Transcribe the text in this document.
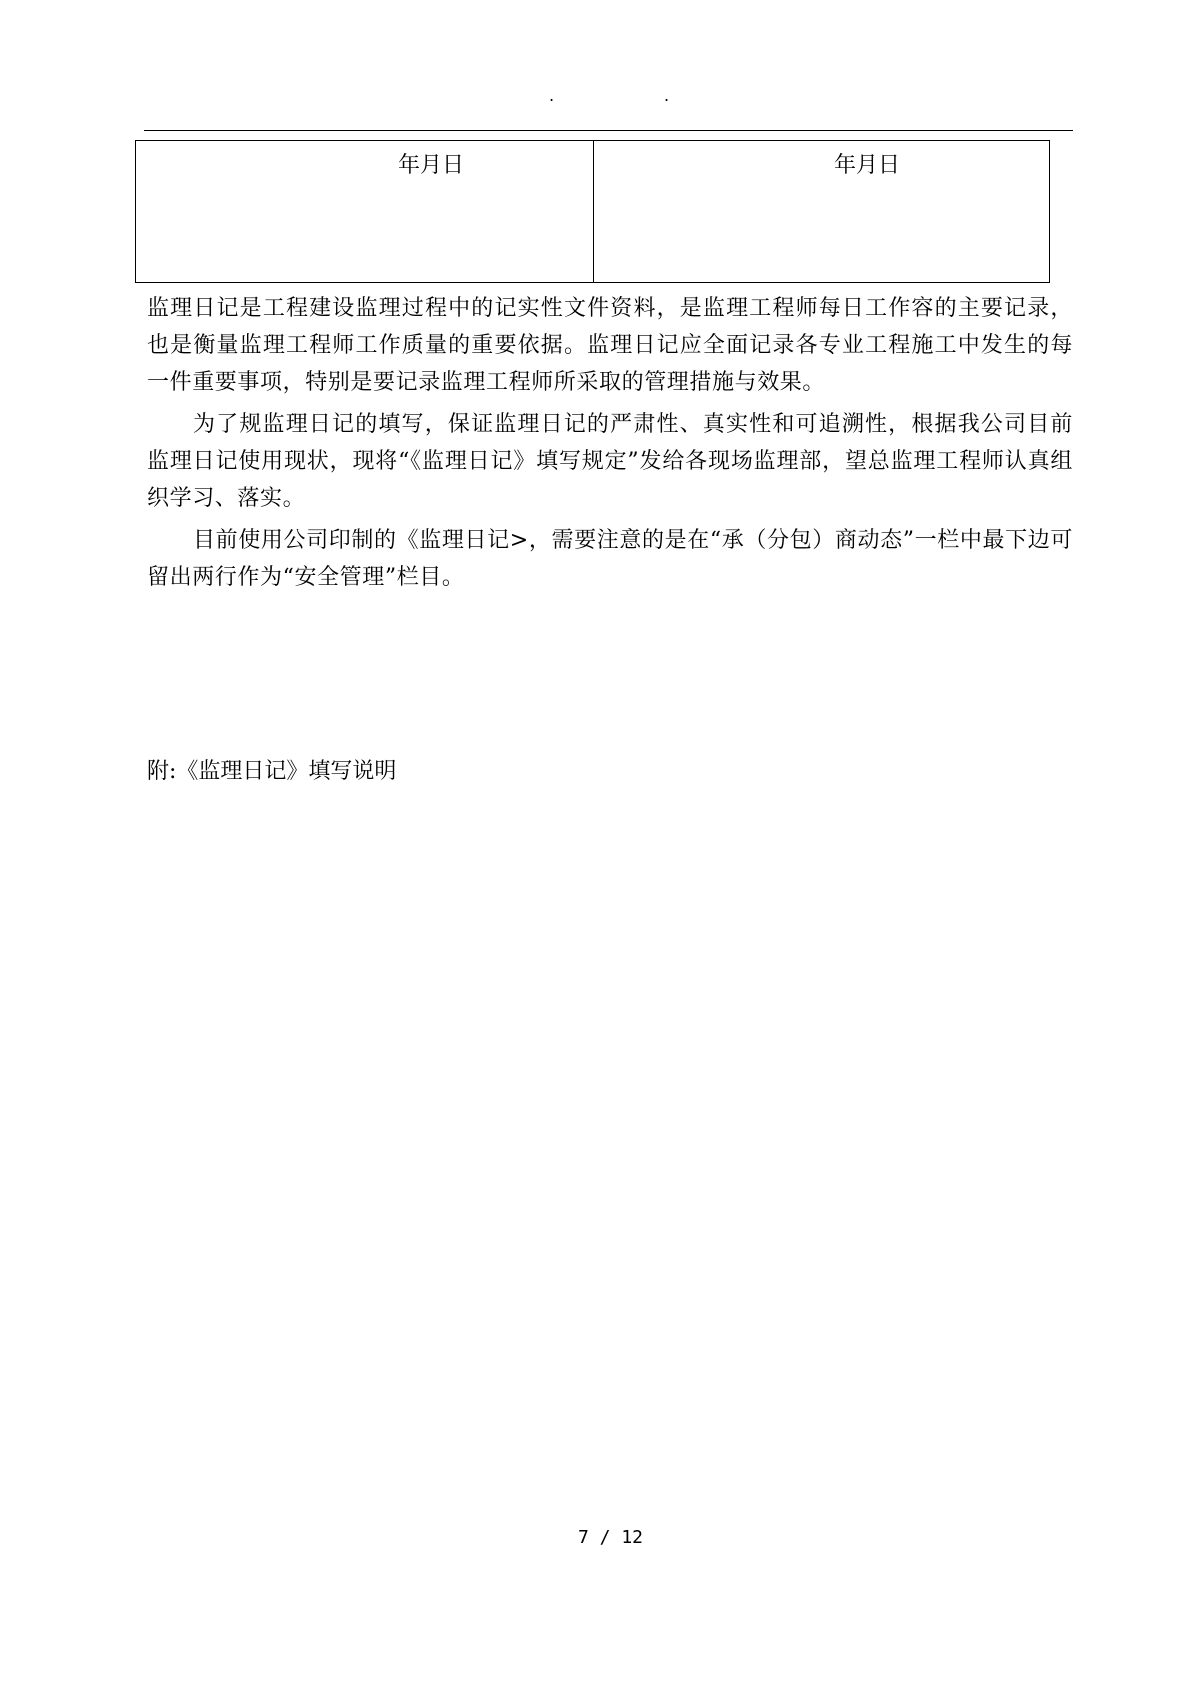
.	.
年月日	年月日

监理日记是工程建设监理过程中的记实性文件资料，是监理工程师每日工作容的主要记录，也是衡量监理工程师工作质量的重要依据。监理日记应全面记录各专业工程施工中发生的每一件重要事项，特别是要记录监理工程师所采取的管理措施与效果。

为了规监理日记的填写，保证监理日记的严肃性、真实性和可追溯性，根据我公司目前监理日记使用现状，现将“《监理日记》填写规定”发给各现场监理部，望总监理工程师认真组织学习、落实。

目前使用公司印制的《监理日记>，需要注意的是在“承（分包）商动态”一栏中最下边可留出两行作为“安全管理”栏目。

附:《监理日记》填写说明
7 / 12
